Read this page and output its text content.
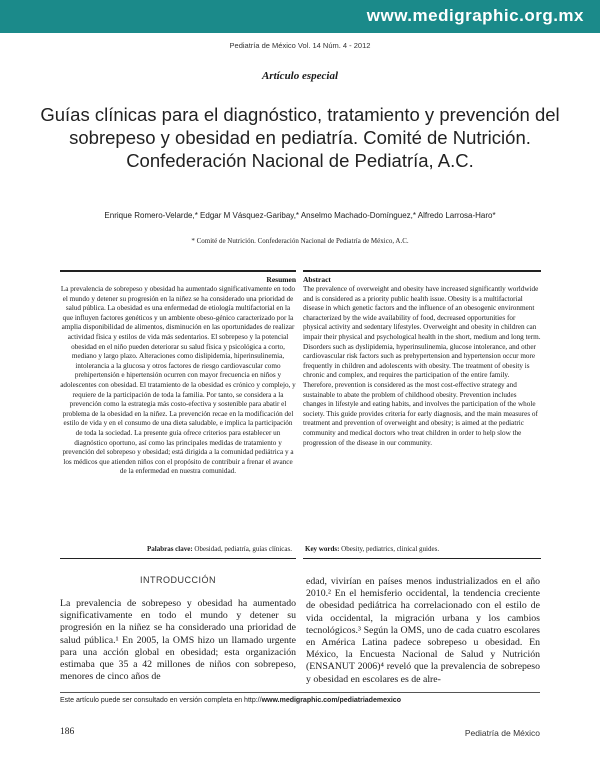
www.medigraphic.org.mx
Pediatría de México Vol. 14 Núm. 4 - 2012
Artículo especial
Guías clínicas para el diagnóstico, tratamiento y prevención del sobrepeso y obesidad en pediatría. Comité de Nutrición. Confederación Nacional de Pediatría, A.C.
Enrique Romero-Velarde,* Edgar M Vásquez-Garibay,* Anselmo Machado-Domínguez,* Alfredo Larrosa-Haro*
* Comité de Nutrición. Confederación Nacional de Pediatría de México, A.C.
Resumen

La prevalencia de sobrepeso y obesidad ha aumentado significativamente en todo el mundo y detener su progresión en la niñez se ha considerado una prioridad de salud pública. La obesidad es una enfermedad de etiología multifactorial en la que influyen factores genéticos y un ambiente obeso-génico caracterizado por la amplia disponibilidad de alimentos, disminución en las oportunidades de realizar actividad física y estilos de vida más sedentarios. El sobrepeso y la potencial obesidad en el niño pueden deteriorar su salud física y psicológica a corto, mediano y largo plazo. Alteraciones como dislipidemia, hiperinsulinemia, intolerancia a la glucosa y otros factores de riesgo cardiovascular como prehipertensión e hipertensión ocurren con mayor frecuencia en niños y adolescentes con obesidad. El tratamiento de la obesidad es crónico y complejo, y requiere de la participación de toda la familia. Por tanto, se considera a la prevención como la estrategia más costo-efectiva y sostenible para abatir el problema de la obesidad en la niñez. La prevención recae en la modificación del estilo de vida y en el consumo de una dieta saludable, e implica la participación de toda la sociedad. La presente guía ofrece criterios para establecer un diagnóstico oportuno, así como las principales medidas de tratamiento y prevención del sobrepeso y obesidad; está dirigida a la comunidad pediátrica y a los médicos que atienden niños con el propósito de contribuir a frenar el avance de la enfermedad en nuestra comunidad.

Palabras clave: Obesidad, pediatría, guías clínicas.
Abstract

The prevalence of overweight and obesity have increased significantly worldwide and is considered as a priority public health issue. Obesity is a multifactorial disease in which genetic factors and the influence of an obesogenic environment characterized by the wide availability of food, decreased opportunities for physical activity and sedentary lifestyles. Overweight and obesity in children can impair their physical and psychological health in the short, medium and long term. Disorders such as dyslipidemia, hyperinsulinemia, glucose intolerance, and other cardiovascular risk factors such as prehypertension and hypertension occur more frequently in children and adolescents with obesity. The treatment of obesity is chronic and complex, and requires the participation of the entire family. Therefore, prevention is considered as the most cost-effective strategy and sustainable to abate the problem of childhood obesity. Prevention includes changes in lifestyle and eating habits, and involves the participation of the whole society. This guide provides criteria for early diagnosis, and the main measures of treatment and prevention of overweight and obesity; is aimed at the pediatric community and medical doctors who treat children in order to help slow the progression of the disease in our community.

Key words: Obesity, pediatrics, clinical guides.
INTRODUCCIÓN

La prevalencia de sobrepeso y obesidad ha aumentado significativamente en todo el mundo y detener su progresión en la niñez se ha considerado una prioridad de salud pública.¹ En 2005, la OMS hizo un llamado urgente para una acción global en obesidad; esta organización estimaba que 35 a 42 millones de niños con sobrepeso, menores de cinco años de

edad, vivirían en países menos industrializados en el año 2010.² En el hemisferio occidental, la tendencia creciente de obesidad pediátrica ha correlacionado con el estilo de vida occidental, la migración urbana y los cambios tecnológicos.³ Según la OMS, uno de cada cuatro escolares en América Latina padece sobrepeso u obesidad. En México, la Encuesta Nacional de Salud y Nutrición (ENSANUT 2006)⁴ reveló que la prevalencia de sobrepeso y obesidad en escolares es de alre-

Este artículo puede ser consultado en versión completa en http://www.medigraphic.com/pediatriademexico
186	Pediatría de México
